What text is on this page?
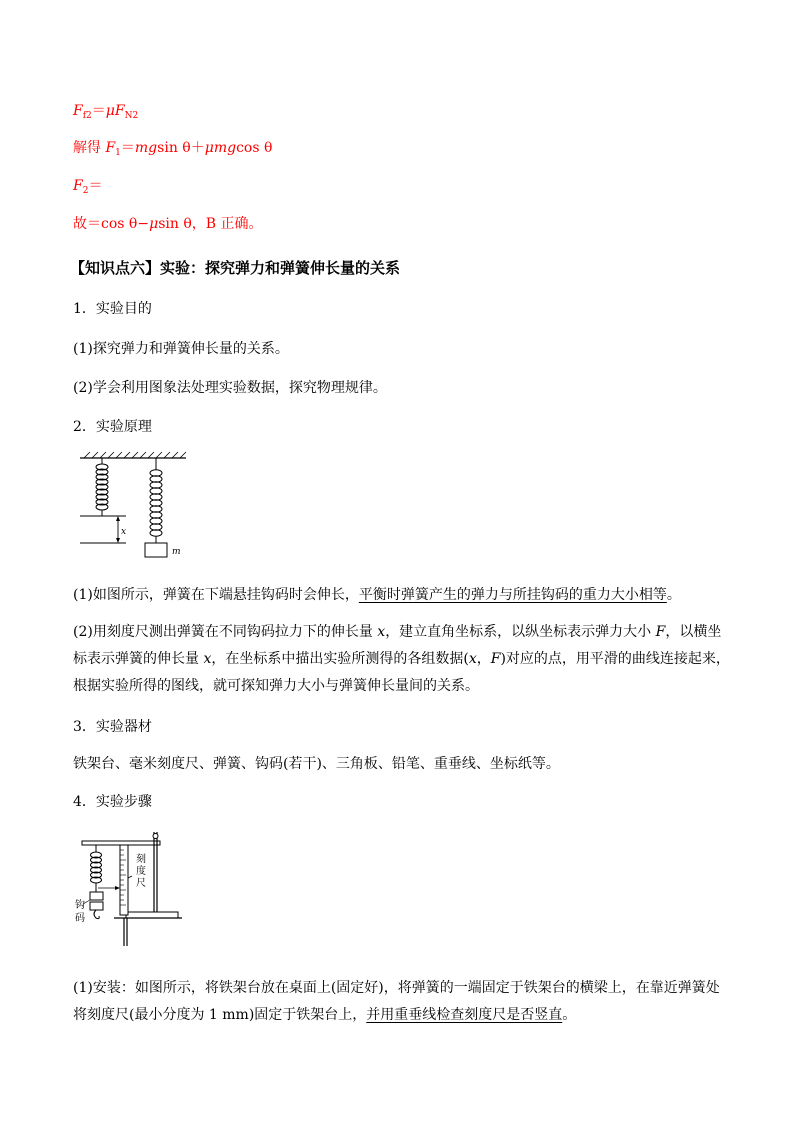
$F_{f2}=\mu F_{N2}$
解得 $F_1=mgsin$ θ＋μmgcos θ
$F_2=$
故＝cos θ−μsin θ，B 正确。
【知识点六】实验：探究弹力和弹簧伸长量的关系
1．实验目的
(1)探究弹力和弹簧伸长量的关系。
(2)学会利用图象法处理实验数据，探究物理规律。
2．实验原理
x
m
(1)如图所示，弹簧在下端悬挂钩码时会伸长，平衡时弹簧产生的弹力与所挂钩码的重力大小相等。
(2)用刻度尺测出弹簧在不同钩码拉力下的伸长量 x，建立直角坐标系，以纵坐标表示弹力大小 F，以横坐标表示弹簧的伸长量 x，在坐标系中描出实验所测得的各组数据(x，F)对应的点，用平滑的曲线连接起来，根据实验所得的图线，就可探知弹力大小与弹簧伸长量间的关系。
3．实验器材
铁架台、毫米刻度尺、弹簧、钩码(若干)、三角板、铅笔、重垂线、坐标纸等。
4．实验步骤
刻
度
尺
钩
码
(1)安装：如图所示，将铁架台放在桌面上(固定好)，将弹簧的一端固定于铁架台的横梁上，在靠近弹簧处将刻度尺(最小分度为 1 mm)固定于铁架台上，并用重垂线检查刻度尺是否竖直。
